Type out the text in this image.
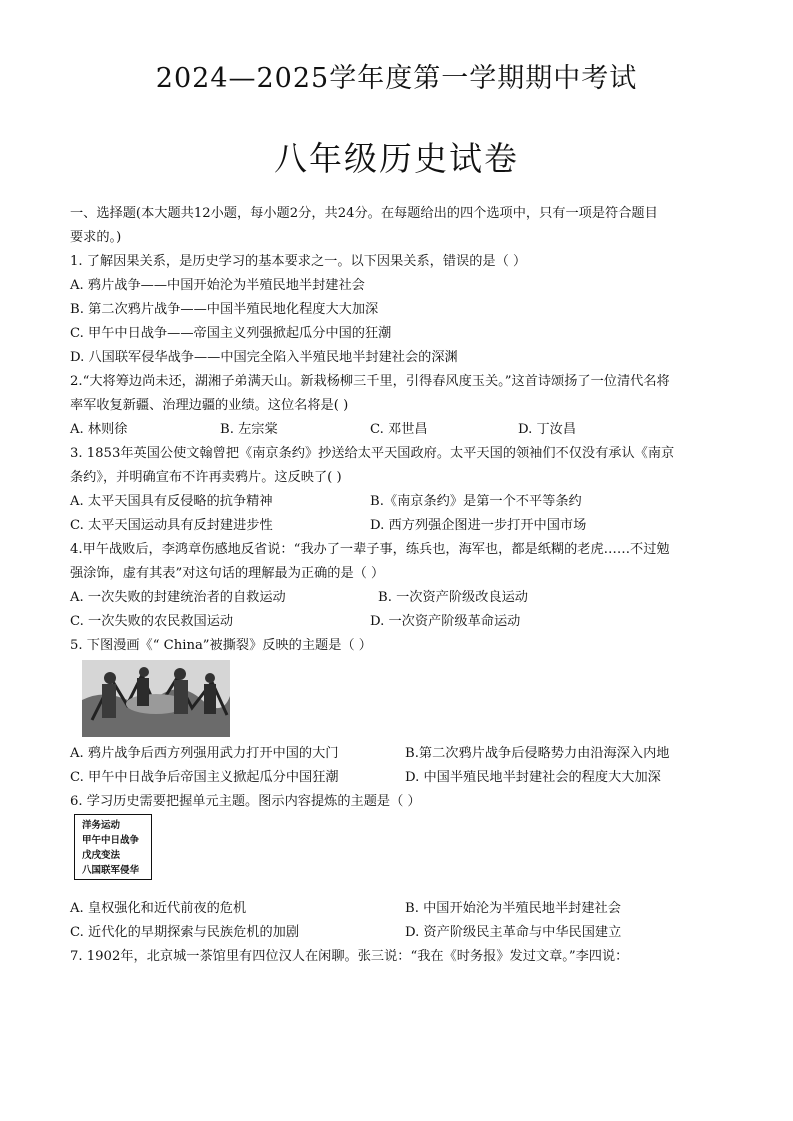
2024—2025学年度第一学期期中考试
八年级历史试卷
一、选择题(本大题共12小题，每小题2分，共24分。在每题给出的四个选项中，只有一项是符合题目
要求的。)
1. 了解因果关系，是历史学习的基本要求之一。以下因果关系，错误的是（ ）
A. 鸦片战争——中国开始沦为半殖民地半封建社会
B. 第二次鸦片战争——中国半殖民地化程度大大加深
C. 甲午中日战争——帝国主义列强掀起瓜分中国的狂潮
D. 八国联军侵华战争——中国完全陷入半殖民地半封建社会的深渊
2.“大将筹边尚未还，湖湘子弟满天山。新栽杨柳三千里，引得春风度玉关。”这首诗颂扬了一位清代名将
率军收复新疆、治理边疆的业绩。这位名将是( )
A. 林则徐	B. 左宗棠	C. 邓世昌	D. 丁汝昌
3. 1853年英国公使文翰曾把《南京条约》抄送给太平天国政府。太平天国的领袖们不仅没有承认《南京
条约》，并明确宣布不许再卖鸦片。这反映了( )
A. 太平天国具有反侵略的抗争精神	B.《南京条约》是第一个不平等条约
C. 太平天国运动具有反封建进步性	D. 西方列强企图进一步打开中国市场
4.甲午战败后，李鸿章伤感地反省说：“我办了一辈子事，练兵也，海军也，都是纸糊的老虎……不过勉
强涂饰，虚有其表”对这句话的理解最为正确的是（ ）
A. 一次失败的封建统治者的自救运动	B. 一次资产阶级改良运动
C. 一次失败的农民救国运动	D. 一次资产阶级革命运动
5. 下图漫画《“ China”被撕裂》反映的主题是（ ）
A. 鸦片战争后西方列强用武力打开中国的大门	B.第二次鸦片战争后侵略势力由沿海深入内地
C. 甲午中日战争后帝国主义掀起瓜分中国狂潮	D. 中国半殖民地半封建社会的程度大大加深
6. 学习历史需要把握单元主题。图示内容提炼的主题是（ ）
洋务运动
甲午中日战争
戊戌变法
八国联军侵华
A. 皇权强化和近代前夜的危机	B. 中国开始沦为半殖民地半封建社会
C. 近代化的早期探索与民族危机的加剧	D. 资产阶级民主革命与中华民国建立
7. 1902年，北京城一茶馆里有四位汉人在闲聊。张三说：“我在《时务报》发过文章。”李四说：
